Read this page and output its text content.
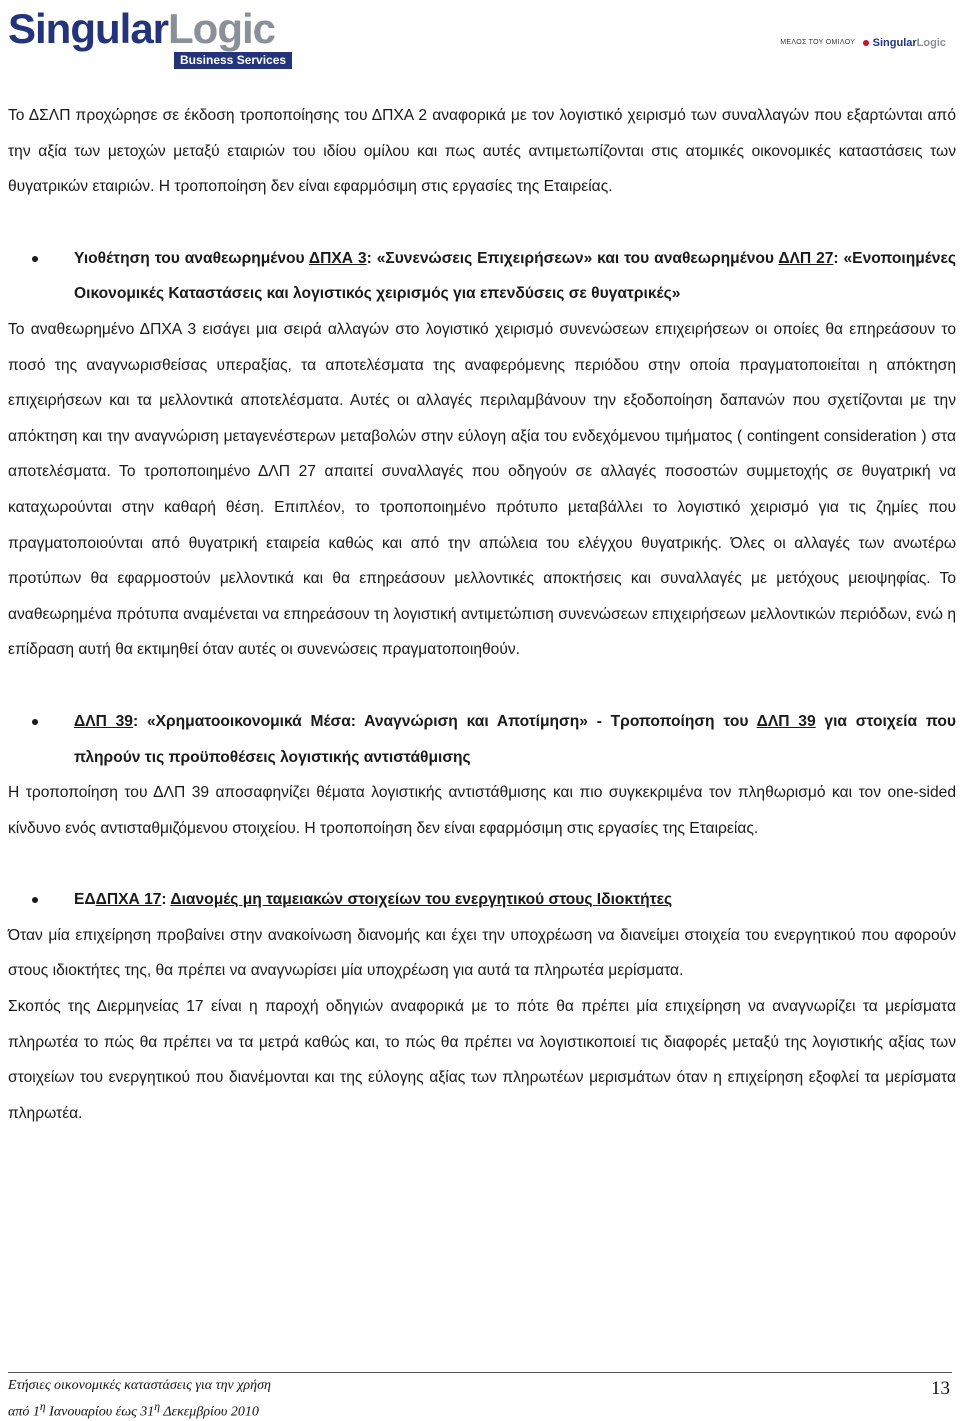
SingularLogic
Business Services
ΜΕΛΟΣ ΤΟΥ ΟΜΙΛΟΥ SingularLogic

Το ΔΣΛΠ προχώρησε σε έκδοση τροποποίησης του ΔΠΧΑ 2 αναφορικά με τον λογιστικό χειρισμό των συναλλαγών που εξαρτώνται από την αξία των μετοχών μεταξύ εταιριών του ιδίου ομίλου και πως αυτές αντιμετωπίζονται στις ατομικές οικονομικές καταστάσεις των θυγατρικών εταιριών. Η τροποποίηση δεν είναι εφαρμόσιμη στις εργασίες της Εταιρείας.

Υιοθέτηση του αναθεωρημένου ΔΠΧΑ 3: «Συνενώσεις Επιχειρήσεων» και του αναθεωρημένου ΔΛΠ 27: «Ενοποιημένες Οικονομικές Καταστάσεις και λογιστικός χειρισμός για επενδύσεις σε θυγατρικές»

Το αναθεωρημένο ΔΠΧΑ 3 εισάγει μια σειρά αλλαγών στο λογιστικό χειρισμό συνενώσεων επιχειρήσεων οι οποίες θα επηρεάσουν το ποσό της αναγνωρισθείσας υπεραξίας, τα αποτελέσματα της αναφερόμενης περιόδου στην οποία πραγματοποιείται η απόκτηση επιχειρήσεων και τα μελλοντικά αποτελέσματα. Αυτές οι αλλαγές περιλαμβάνουν την εξοδοποίηση δαπανών που σχετίζονται με την απόκτηση και την αναγνώριση μεταγενέστερων μεταβολών στην εύλογη αξία του ενδεχόμενου τιμήματος ( contingent consideration ) στα αποτελέσματα. Το τροποποιημένο ΔΛΠ 27 απαιτεί συναλλαγές που οδηγούν σε αλλαγές ποσοστών συμμετοχής σε θυγατρική να καταχωρούνται στην καθαρή θέση. Επιπλέον, το τροποποιημένο πρότυπο μεταβάλλει το λογιστικό χειρισμό για τις ζημίες που πραγματοποιούνται από θυγατρική εταιρεία καθώς και από την απώλεια του ελέγχου θυγατρικής. Όλες οι αλλαγές των ανωτέρω προτύπων θα εφαρμοστούν μελλοντικά και θα επηρεάσουν μελλοντικές αποκτήσεις και συναλλαγές με μετόχους μειοψηφίας. Το αναθεωρημένα πρότυπα αναμένεται να επηρεάσουν τη λογιστική αντιμετώπιση συνενώσεων επιχειρήσεων μελλοντικών περιόδων, ενώ η επίδραση αυτή θα εκτιμηθεί όταν αυτές οι συνενώσεις πραγματοποιηθούν.

ΔΛΠ 39: «Χρηματοοικονομικά Μέσα: Αναγνώριση και Αποτίμηση» - Τροποποίηση του ΔΛΠ 39 για στοιχεία που πληρούν τις προϋποθέσεις λογιστικής αντιστάθμισης

Η τροποποίηση του ΔΛΠ 39 αποσαφηνίζει θέματα λογιστικής αντιστάθμισης και πιο συγκεκριμένα τον πληθωρισμό και τον one-sided κίνδυνο ενός αντισταθμιζόμενου στοιχείου. Η τροποποίηση δεν είναι εφαρμόσιμη στις εργασίες της Εταιρείας.

ΕΔΔΠΧΑ 17: Διανομές μη ταμειακών στοιχείων του ενεργητικού στους Ιδιοκτήτες

Όταν μία επιχείρηση προβαίνει στην ανακοίνωση διανομής και έχει την υποχρέωση να διανείμει στοιχεία του ενεργητικού που αφορούν στους ιδιοκτήτες της, θα πρέπει να αναγνωρίσει μία υποχρέωση για αυτά τα πληρωτέα μερίσματα.

Σκοπός της Διερμηνείας 17 είναι η παροχή οδηγιών αναφορικά με το πότε θα πρέπει μία επιχείρηση να αναγνωρίζει τα μερίσματα πληρωτέα το πώς θα πρέπει να τα μετρά καθώς και, το πώς θα πρέπει να λογιστικοποιεί τις διαφορές μεταξύ της λογιστικής αξίας των στοιχείων του ενεργητικού που διανέμονται και της εύλογης αξίας των πληρωτέων μερισμάτων όταν η επιχείρηση εξοφλεί τα μερίσματα πληρωτέα.

Ετήσιες οικονομικές καταστάσεις για την χρήση
από $1^\eta$ Ιανουαρίου έως $31^\eta$ Δεκεμβρίου 2010
13
